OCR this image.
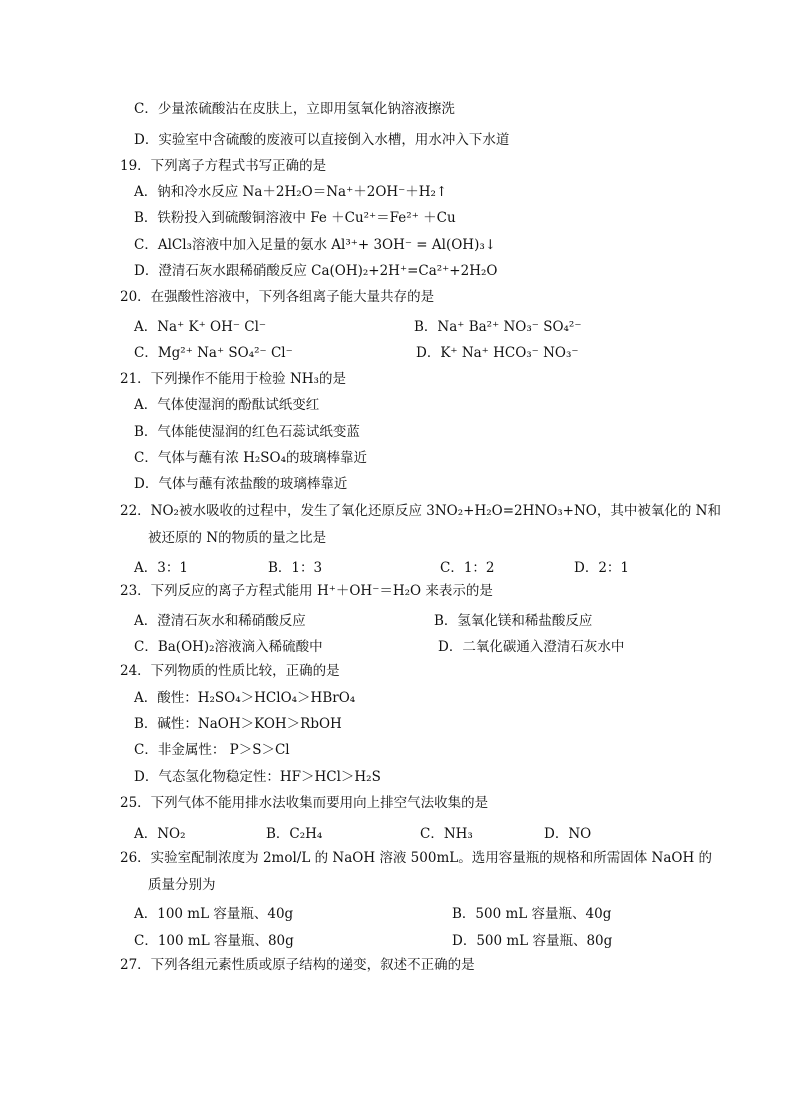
C．少量浓硫酸沾在皮肤上，立即用氢氧化钠溶液擦洗
D．实验室中含硫酸的废液可以直接倒入水槽，用水冲入下水道
19．下列离子方程式书写正确的是
A．钠和冷水反应 Na＋2H₂O＝Na⁺＋2OH⁻＋H₂↑
B．铁粉投入到硫酸铜溶液中 Fe ＋Cu²⁺＝Fe²⁺ ＋Cu
C．AlCl₃溶液中加入足量的氨水 Al³⁺+ 3OH⁻ = Al(OH)₃↓
D．澄清石灰水跟稀硝酸反应 Ca(OH)₂+2H⁺=Ca²⁺+2H₂O
20．在强酸性溶液中，下列各组离子能大量共存的是
21．下列操作不能用于检验 NH₃的是
A．气体使湿润的酚酞试纸变红
B．气体能使湿润的红色石蕊试纸变蓝
C．气体与蘸有浓 H₂SO₄的玻璃棒靠近
D．气体与蘸有浓盐酸的玻璃棒靠近
22．NO₂被水吸收的过程中，发生了氧化还原反应 3NO₂+H₂O=2HNO₃+NO，其中被氧化的 N和
被还原的 N的物质的量之比是
23．下列反应的离子方程式能用 H⁺＋OH⁻＝H₂O 来表示的是
24．下列物质的性质比较，正确的是
A．酸性：H₂SO₄＞HClO₄＞HBrO₄
B．碱性：NaOH＞KOH＞RbOH
C．非金属性： P＞S＞Cl
D．气态氢化物稳定性：HF＞HCl＞H₂S
25．下列气体不能用排水法收集而要用向上排空气法收集的是
26．实验室配制浓度为 2mol/L 的 NaOH 溶液 500mL。选用容量瓶的规格和所需固体 NaOH 的
质量分别为
27．下列各组元素性质或原子结构的递变，叙述不正确的是
A．Na⁺ K⁺ OH⁻ Cl⁻	B．Na⁺ Ba²⁺ NO₃⁻ SO₄²⁻
C．Mg²⁺ Na⁺ SO₄²⁻ Cl⁻	D．K⁺ Na⁺ HCO₃⁻ NO₃⁻
A．澄清石灰水和稀硝酸反应	B．氢氧化镁和稀盐酸反应
C．Ba(OH)₂溶液滴入稀硫酸中	D．二氧化碳通入澄清石灰水中
A．100 mL 容量瓶、40g	B．500 mL 容量瓶、40g
C．100 mL 容量瓶、80g	D．500 mL 容量瓶、80g
A．3：1	B．1：3	C．1：2	D．2：1
A．NO₂	B．C₂H₄	C．NH₃	D．NO
